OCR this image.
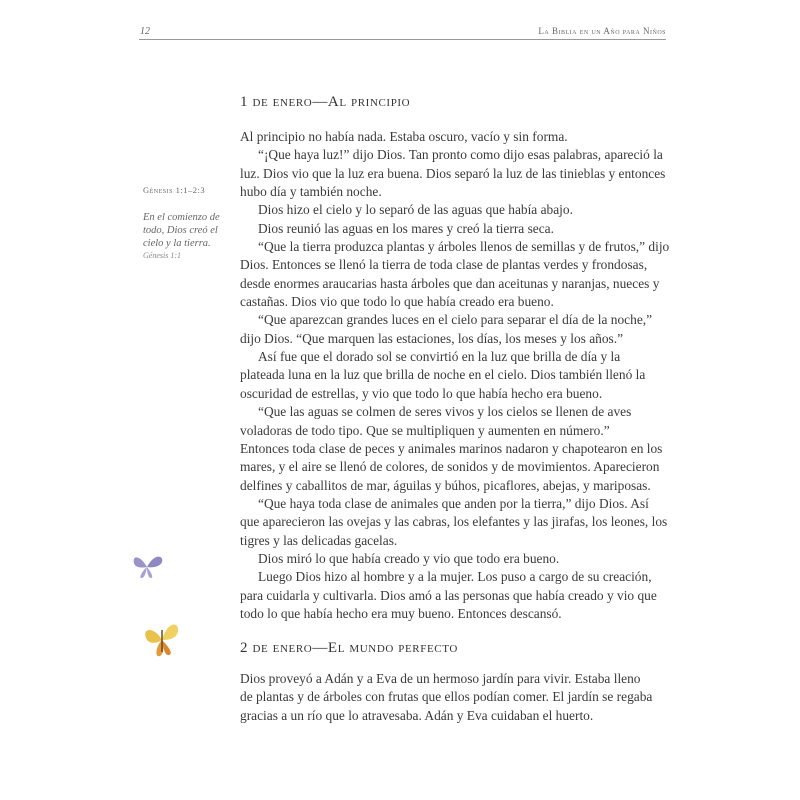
12	La Biblia en un Año para Niños
1 de enero—Al principio
Al principio no había nada. Estaba oscuro, vacío y sin forma.
“¡Que haya luz!” dijo Dios. Tan pronto como dijo esas palabras, apareció la
luz. Dios vio que la luz era buena. Dios separó la luz de las tinieblas y entonces
hubo día y también noche.
Dios hizo el cielo y lo separó de las aguas que había abajo.
Dios reunió las aguas en los mares y creó la tierra seca.
“Que la tierra produzca plantas y árboles llenos de semillas y de frutos,” dijo
Dios. Entonces se llenó la tierra de toda clase de plantas verdes y frondosas,
desde enormes araucarias hasta árboles que dan aceitunas y naranjas, nueces y
castañas. Dios vio que todo lo que había creado era bueno.
“Que aparezcan grandes luces en el cielo para separar el día de la noche,”
dijo Dios. “Que marquen las estaciones, los días, los meses y los años.”
Así fue que el dorado sol se convirtió en la luz que brilla de día y la
plateada luna en la luz que brilla de noche en el cielo. Dios también llenó la
oscuridad de estrellas, y vio que todo lo que había hecho era bueno.
“Que las aguas se colmen de seres vivos y los cielos se llenen de aves
voladoras de todo tipo. Que se multipliquen y aumenten en número.”
Entonces toda clase de peces y animales marinos nadaron y chapotearon en los
mares, y el aire se llenó de colores, de sonidos y de movimientos. Aparecieron
delfines y caballitos de mar, águilas y búhos, picaflores, abejas, y mariposas.
“Que haya toda clase de animales que anden por la tierra,” dijo Dios. Así
que aparecieron las ovejas y las cabras, los elefantes y las jirafas, los leones, los
tigres y las delicadas gacelas.
Dios miró lo que había creado y vio que todo era bueno.
Luego Dios hizo al hombre y a la mujer. Los puso a cargo de su creación,
para cuidarla y cultivarla. Dios amó a las personas que había creado y vio que
todo lo que había hecho era muy bueno. Entonces descansó.
Génesis 1:1–2:3
En el comienzo de todo, Dios creó el cielo y la tierra.
Génesis 1:1
2 de enero—El mundo perfecto
Dios proveyó a Adán y a Eva de un hermoso jardín para vivir. Estaba lleno
de plantas y de árboles con frutas que ellos podían comer. El jardín se regaba
gracias a un río que lo atravesaba. Adán y Eva cuidaban el huerto.
